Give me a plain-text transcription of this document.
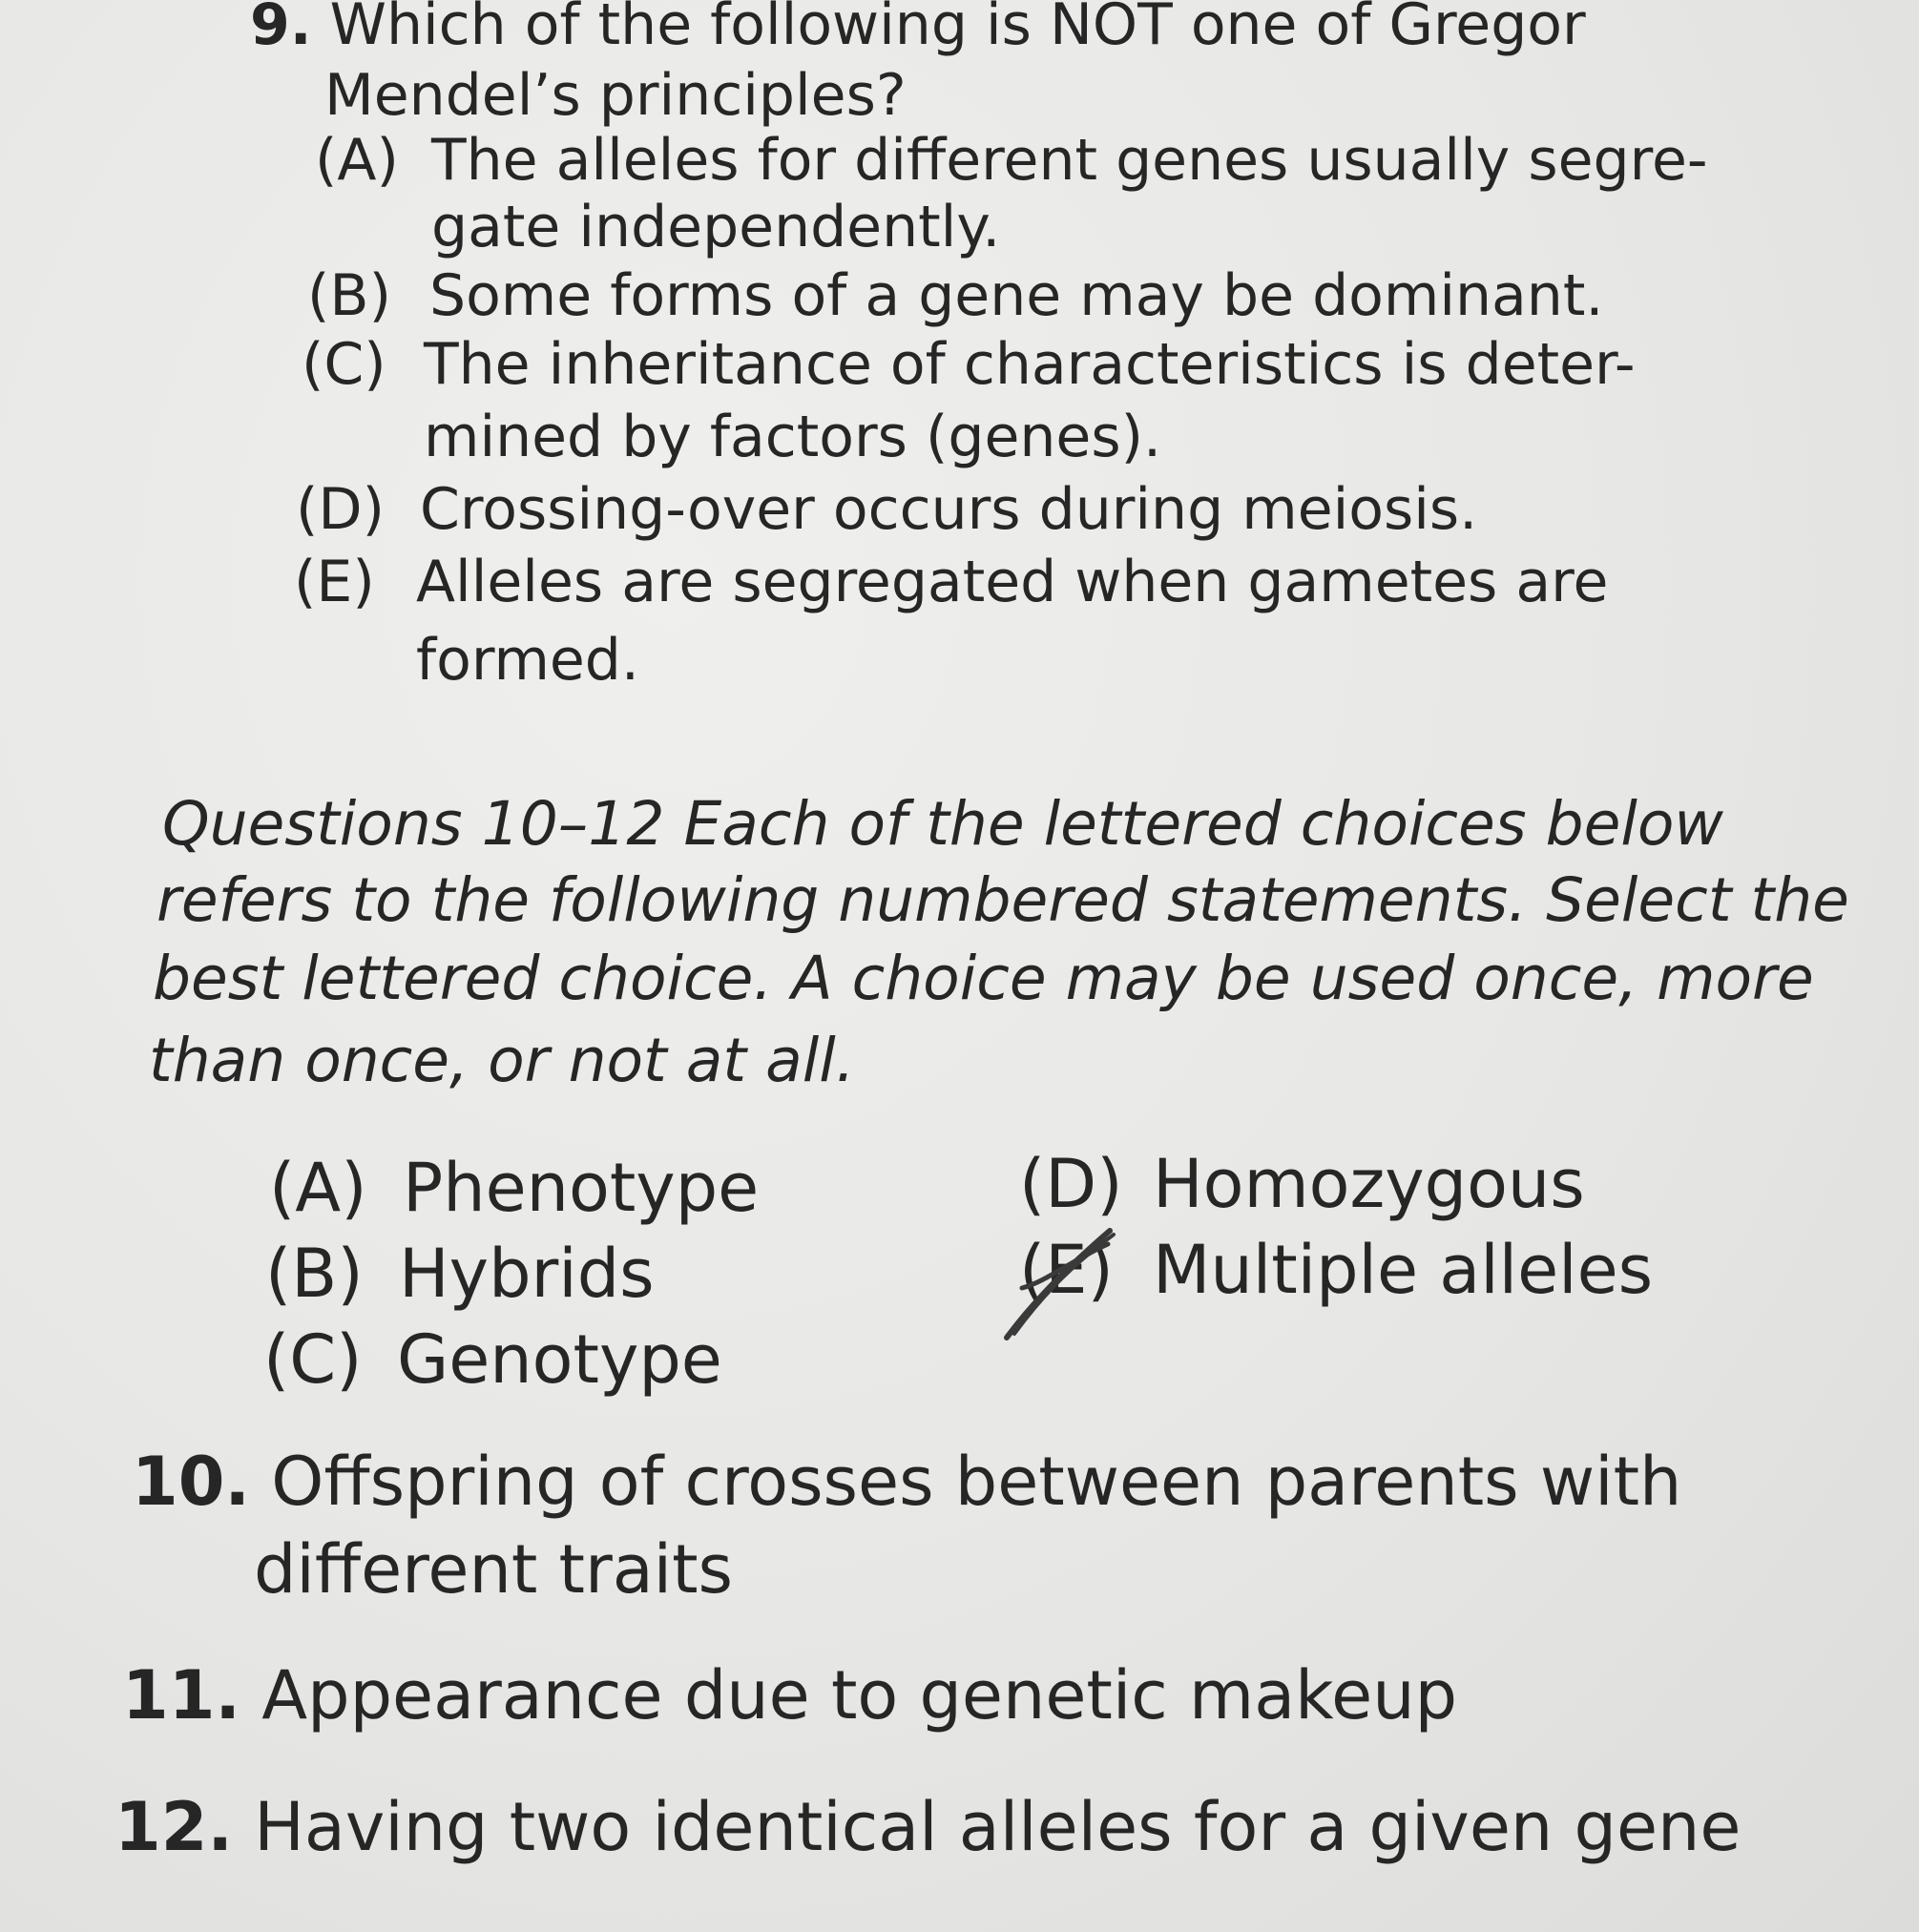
9. Which of the following is NOT one of Gregor
Mendel’s principles?
(A) The alleles for different genes usually segre-
gate independently.
(B) Some forms of a gene may be dominant.
(C) The inheritance of characteristics is deter-
mined by factors (genes).
(D) Crossing-over occurs during meiosis.
(E) Alleles are segregated when gametes are
formed.
Questions 10–12 Each of the lettered choices below
refers to the following numbered statements. Select the
best lettered choice. A choice may be used once, more
than once, or not at all.
(A) Phenotype
(B) Hybrids
(C) Genotype
(D) Homozygous
(E) Multiple alleles
10. Offspring of crosses between parents with
different traits
11. Appearance due to genetic makeup
12. Having two identical alleles for a given gene
